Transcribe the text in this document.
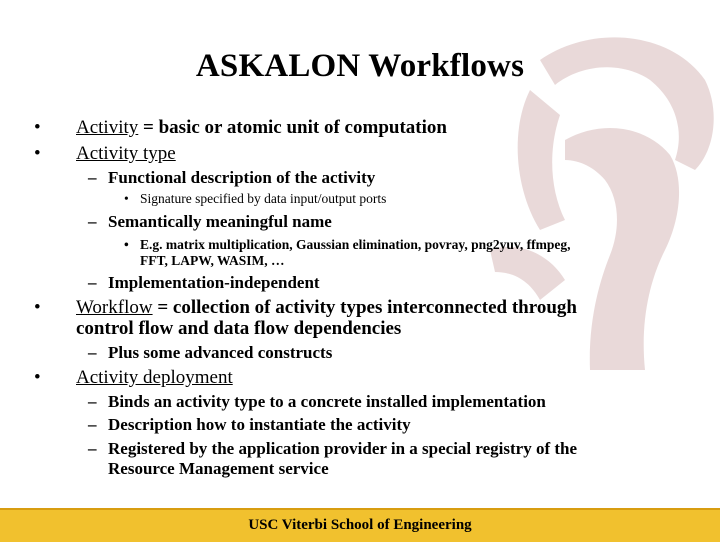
ASKALON Workflows
• Activity = basic or atomic unit of computation
• Activity type
– Functional description of the activity
• Signature specified by data input/output ports
– Semantically meaningful name
• E.g. matrix multiplication, Gaussian elimination, povray, png2yuv, ffmpeg,
FFT, LAPW, WASIM, …
– Implementation-independent
• Workflow = collection of activity types interconnected through
control flow and data flow dependencies
– Plus some advanced constructs
• Activity deployment
– Binds an activity type to a concrete installed implementation
– Description how to instantiate the activity
– Registered by the application provider in a special registry of the
Resource Management service
USC Viterbi School of Engineering
